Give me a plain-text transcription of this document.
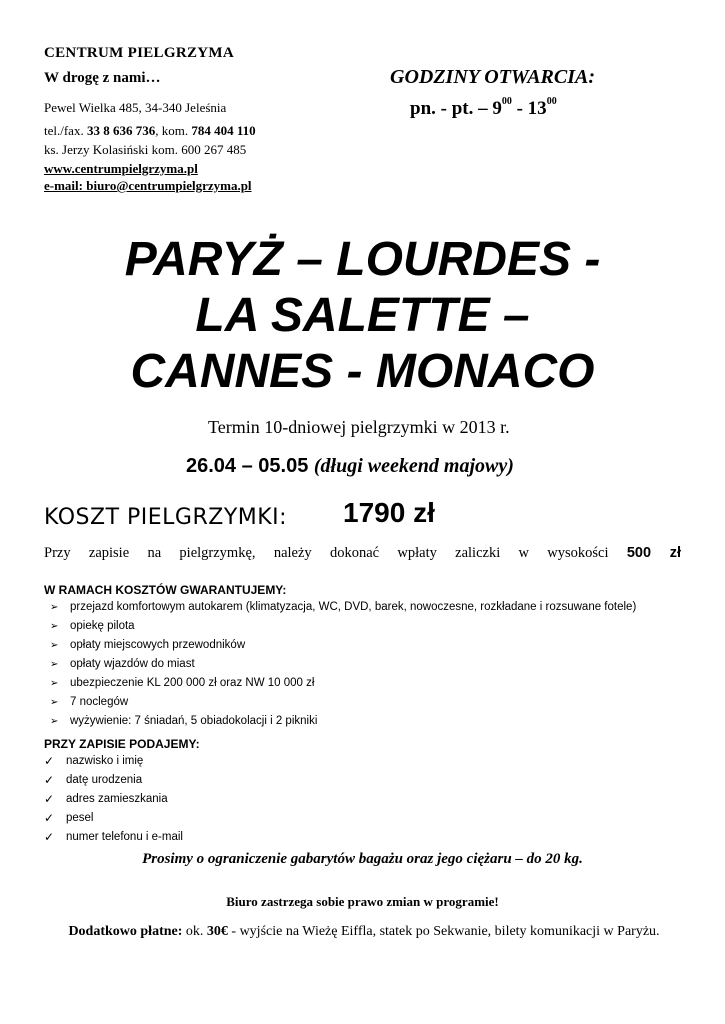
CENTRUM PIELGRZYMA
W drogę z nami…
Pewel Wielka 485, 34-340 Jeleśnia
tel./fax. 33 8 636 736, kom. 784 404 110
ks. Jerzy Kolasiński kom. 600 267 485
www.centrumpielgrzyma.pl
e-mail: biuro@centrumpielgrzyma.pl
GODZINY OTWARCIA:
pn. - pt. – $9^{00} - 13^{00}$
PARYŻ – LOURDES -
LA SALETTE –
CANNES - MONACO
Termin 10-dniowej pielgrzymki w 2013 r.
26.04 – 05.05 (długi weekend majowy)
KOSZT PIELGRZYMKI: 1790 zł
Przy zapisie na pielgrzymkę, należy dokonać wpłaty zaliczki w wysokości 500 zł
W RAMACH KOSZTÓW GWARANTUJEMY:
➢	przejazd komfortowym autokarem (klimatyzacja, WC, DVD, barek, nowoczesne, rozkładane i rozsuwane fotele)
➢	opiekę pilota
➢	opłaty miejscowych przewodników
➢	opłaty wjazdów do miast
➢	ubezpieczenie KL 200 000 zł oraz NW 10 000 zł
➢	7 noclegów
➢	wyżywienie: 7 śniadań, 5 obiadokolacji i 2 pikniki
PRZY ZAPISIE PODAJEMY:
✓	nazwisko i imię
✓	datę urodzenia
✓	adres zamieszkania
✓	pesel
✓	numer telefonu i e-mail
Prosimy o ograniczenie gabarytów bagażu oraz jego ciężaru – do 20 kg.
Biuro zastrzega sobie prawo zmian w programie!
Dodatkowo płatne: ok. 30€ - wyjście na Wieżę Eiffla, statek po Sekwanie, bilety komunikacji w Paryżu.
